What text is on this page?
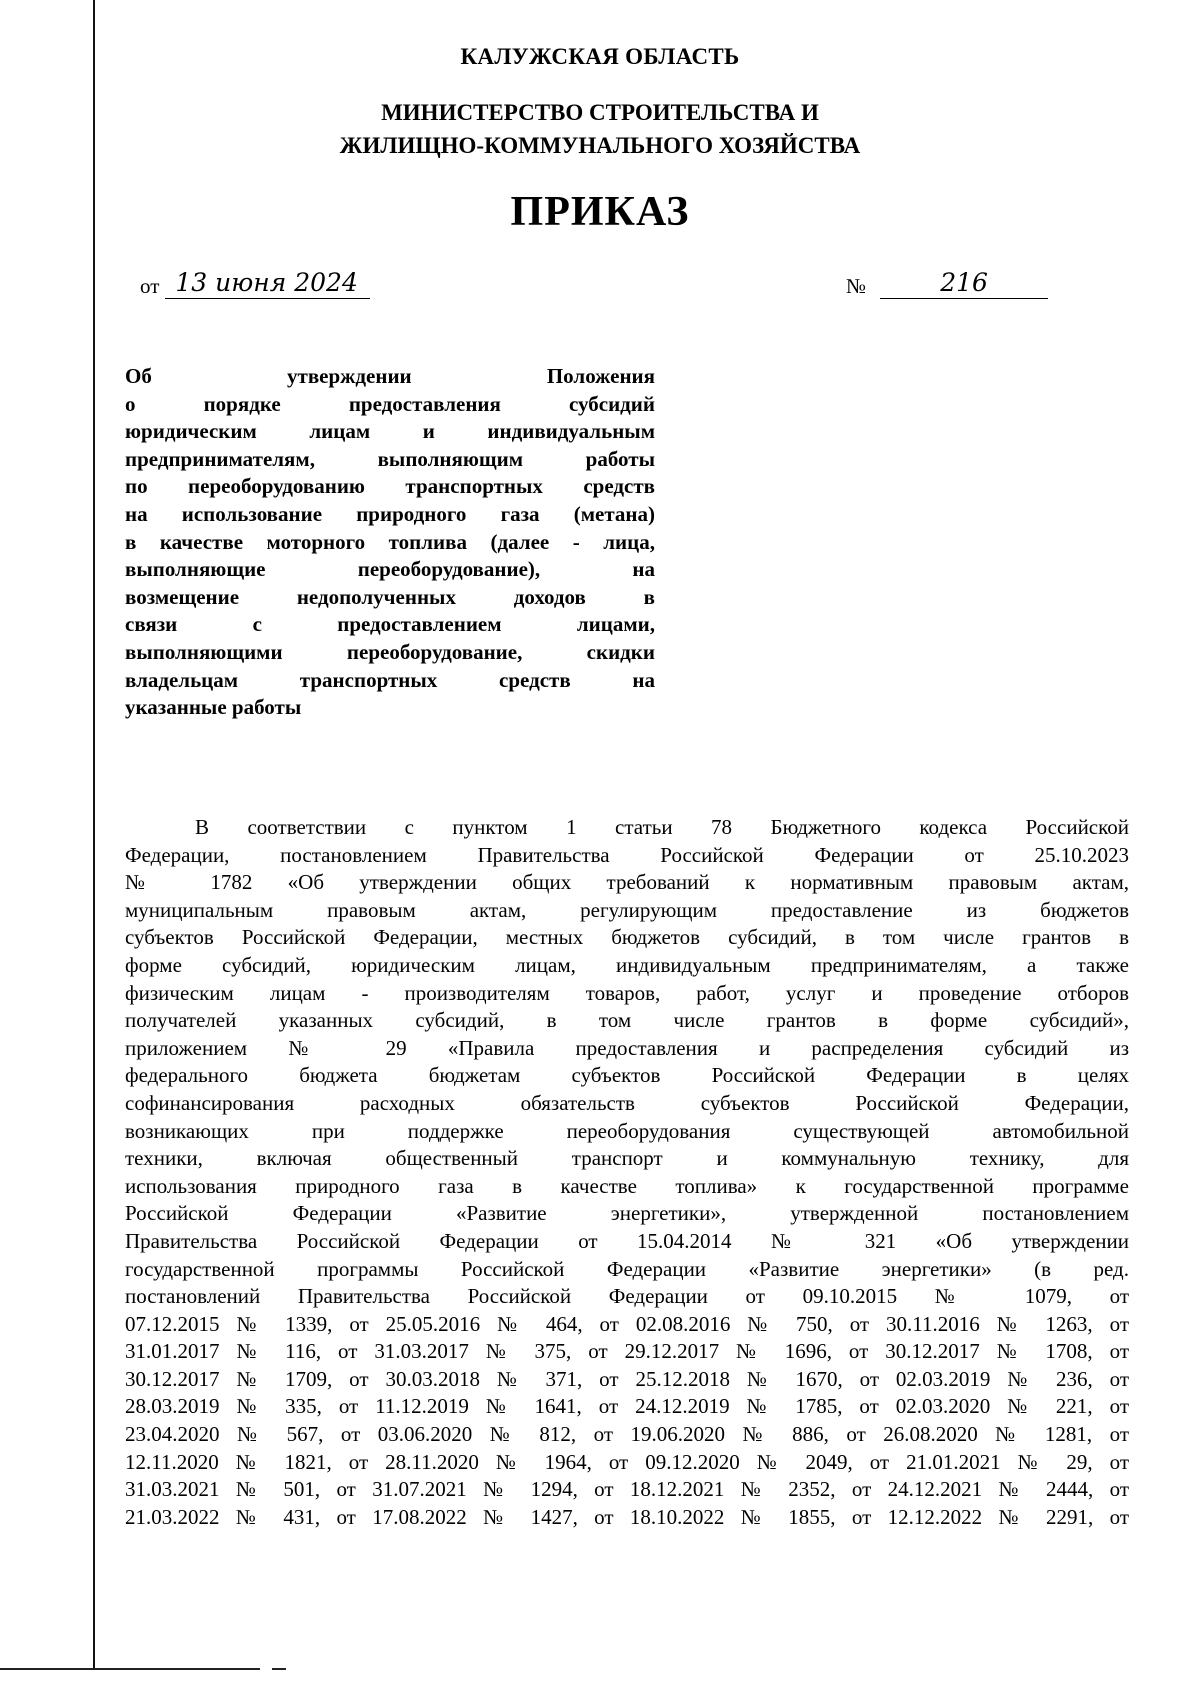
КАЛУЖСКАЯ ОБЛАСТЬ
МИНИСТЕРСТВО СТРОИТЕЛЬСТВА И
ЖИЛИЩНО-КОММУНАЛЬНОГО ХОЗЯЙСТВА
ПРИКАЗ
от 13 июня 2024	№	216
Об утверждении Положения
о порядке предоставления субсидий
юридическим лицам и индивидуальным
предпринимателям, выполняющим работы
по переоборудованию транспортных средств
на использование природного газа (метана)
в качестве моторного топлива (далее - лица,
выполняющие переоборудование), на
возмещение недополученных доходов в
связи с предоставлением лицами,
выполняющими переоборудование, скидки
владельцам транспортных средств на
указанные работы
В соответствии с пунктом 1 статьи 78 Бюджетного кодекса Российской
Федерации, постановлением Правительства Российской Федерации от 25.10.2023
№ 1782 «Об утверждении общих требований к нормативным правовым актам,
муниципальным правовым актам, регулирующим предоставление из бюджетов
субъектов Российской Федерации, местных бюджетов субсидий, в том числе грантов в
форме субсидий, юридическим лицам, индивидуальным предпринимателям, а также
физическим лицам - производителям товаров, работ, услуг и проведение отборов
получателей указанных субсидий, в том числе грантов в форме субсидий»,
приложением № 29 «Правила предоставления и распределения субсидий из
федерального бюджета бюджетам субъектов Российской Федерации в целях
софинансирования расходных обязательств субъектов Российской Федерации,
возникающих при поддержке переоборудования существующей автомобильной
техники, включая общественный транспорт и коммунальную технику, для
использования природного газа в качестве топлива» к государственной программе
Российской Федерации «Развитие энергетики», утвержденной постановлением
Правительства Российской Федерации от 15.04.2014 № 321 «Об утверждении
государственной программы Российской Федерации «Развитие энергетики» (в ред.
постановлений Правительства Российской Федерации от 09.10.2015 № 1079, от
07.12.2015 № 1339, от 25.05.2016 № 464, от 02.08.2016 № 750, от 30.11.2016 № 1263, от
31.01.2017 № 116, от 31.03.2017 № 375, от 29.12.2017 № 1696, от 30.12.2017 № 1708, от
30.12.2017 № 1709, от 30.03.2018 № 371, от 25.12.2018 № 1670, от 02.03.2019 № 236, от
28.03.2019 № 335, от 11.12.2019 № 1641, от 24.12.2019 № 1785, от 02.03.2020 № 221, от
23.04.2020 № 567, от 03.06.2020 № 812, от 19.06.2020 № 886, от 26.08.2020 № 1281, от
12.11.2020 № 1821, от 28.11.2020 № 1964, от 09.12.2020 № 2049, от 21.01.2021 № 29, от
31.03.2021 № 501, от 31.07.2021 № 1294, от 18.12.2021 № 2352, от 24.12.2021 № 2444, от
21.03.2022 № 431, от 17.08.2022 № 1427, от 18.10.2022 № 1855, от 12.12.2022 № 2291, от
